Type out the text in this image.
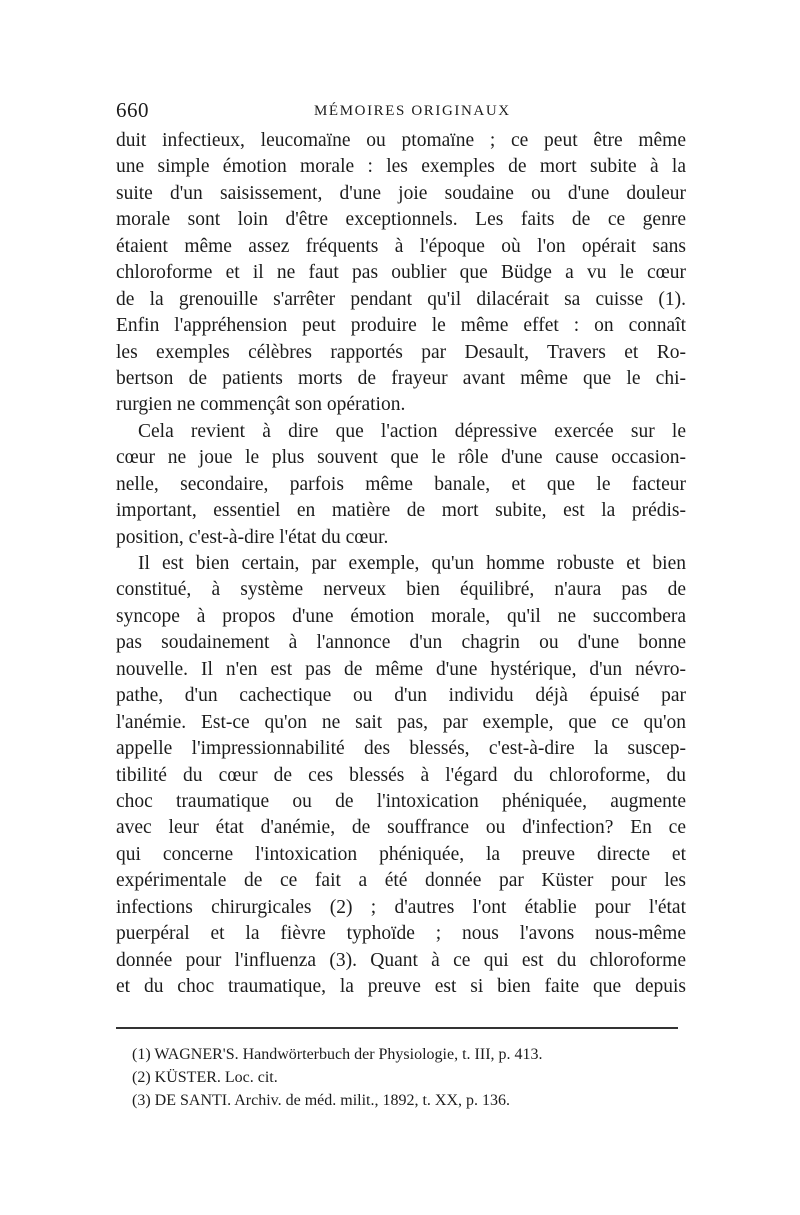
660	MÉMOIRES ORIGINAUX
duit infectieux, leucomaïne ou ptomaïne ; ce peut être même
une simple émotion morale : les exemples de mort subite à la
suite d'un saisissement, d'une joie soudaine ou d'une douleur
morale sont loin d'être exceptionnels. Les faits de ce genre
étaient même assez fréquents à l'époque où l'on opérait sans
chloroforme et il ne faut pas oublier que Büdge a vu le cœur
de la grenouille s'arrêter pendant qu'il dilacérait sa cuisse (1).
Enfin l'appréhension peut produire le même effet : on connaît
les exemples célèbres rapportés par Desault, Travers et Ro-
bertson de patients morts de frayeur avant même que le chi-
rurgien ne commençât son opération.
Cela revient à dire que l'action dépressive exercée sur le
cœur ne joue le plus souvent que le rôle d'une cause occasion-
nelle, secondaire, parfois même banale, et que le facteur
important, essentiel en matière de mort subite, est la prédis-
position, c'est-à-dire l'état du cœur.
Il est bien certain, par exemple, qu'un homme robuste et bien
constitué, à système nerveux bien équilibré, n'aura pas de
syncope à propos d'une émotion morale, qu'il ne succombera
pas soudainement à l'annonce d'un chagrin ou d'une bonne
nouvelle. Il n'en est pas de même d'une hystérique, d'un névro-
pathe, d'un cachectique ou d'un individu déjà épuisé par
l'anémie. Est-ce qu'on ne sait pas, par exemple, que ce qu'on
appelle l'impressionnabilité des blessés, c'est-à-dire la suscep-
tibilité du cœur de ces blessés à l'égard du chloroforme, du
choc traumatique ou de l'intoxication phéniquée, augmente
avec leur état d'anémie, de souffrance ou d'infection? En ce
qui concerne l'intoxication phéniquée, la preuve directe et
expérimentale de ce fait a été donnée par Küster pour les
infections chirurgicales (2) ; d'autres l'ont établie pour l'état
puerpéral et la fièvre typhoïde ; nous l'avons nous-même
donnée pour l'influenza (3). Quant à ce qui est du chloroforme
et du choc traumatique, la preuve est si bien faite que depuis
(1) WAGNER'S. Handwörterbuch der Physiologie, t. III, p. 413.
(2) KÜSTER. Loc. cit.
(3) DE SANTI. Archiv. de méd. milit., 1892, t. XX, p. 136.
